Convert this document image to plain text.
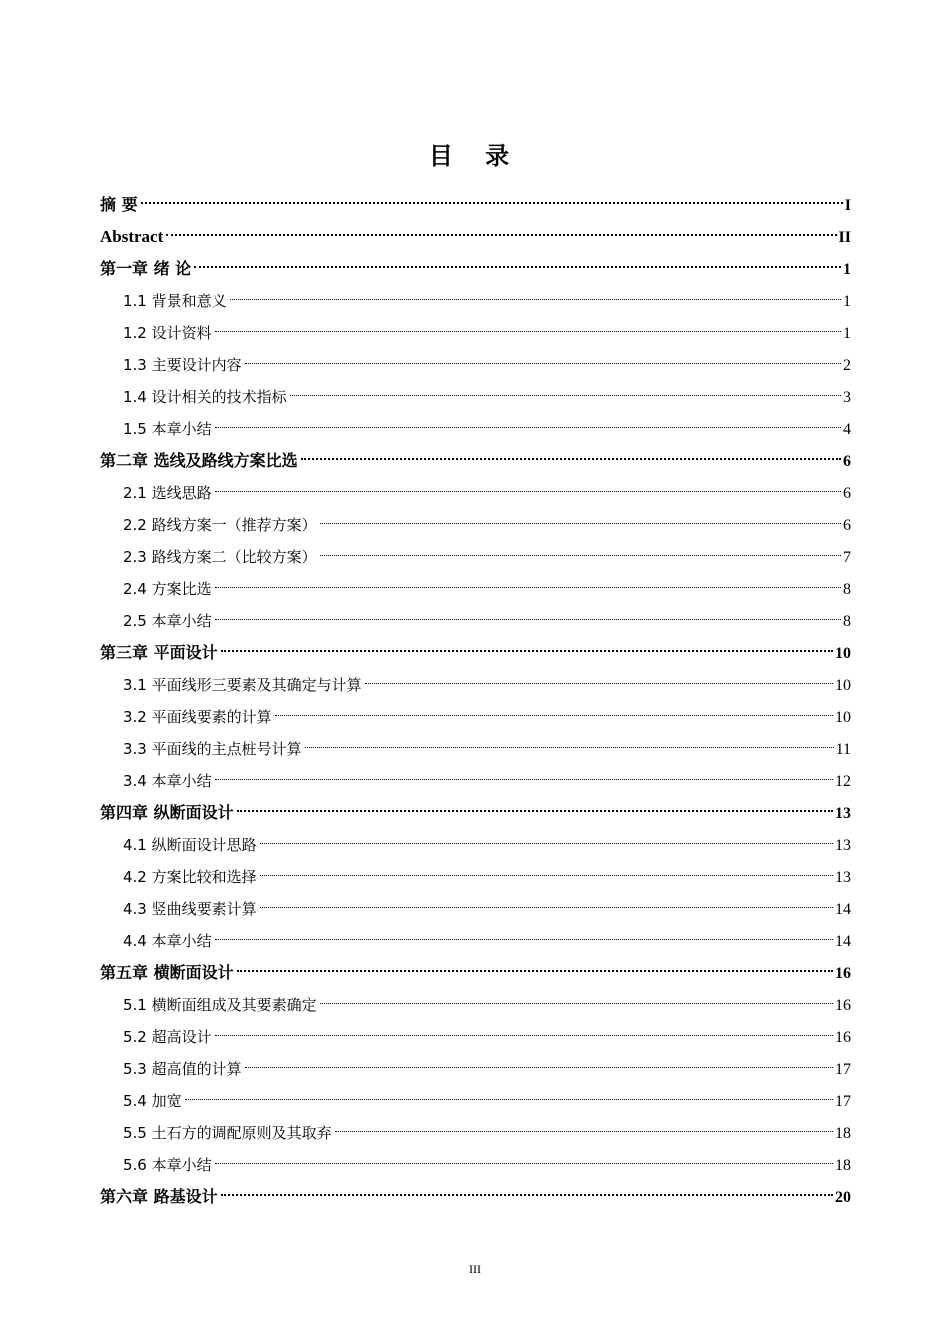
目 录
摘 要	I
Abstract	II
第一章 绪 论	1
1.1 背景和意义	1
1.2 设计资料	1
1.3 主要设计内容	2
1.4 设计相关的技术指标	3
1.5 本章小结	4
第二章 选线及路线方案比选	6
2.1 选线思路	6
2.2 路线方案一（推荐方案）	6
2.3 路线方案二（比较方案）	7
2.4 方案比选	8
2.5 本章小结	8
第三章 平面设计	10
3.1 平面线形三要素及其确定与计算	10
3.2 平面线要素的计算	10
3.3 平面线的主点桩号计算	11
3.4 本章小结	12
第四章 纵断面设计	13
4.1 纵断面设计思路	13
4.2 方案比较和选择	13
4.3 竖曲线要素计算	14
4.4 本章小结	14
第五章 横断面设计	16
5.1 横断面组成及其要素确定	16
5.2 超高设计	16
5.3 超高值的计算	17
5.4 加宽	17
5.5 土石方的调配原则及其取弃	18
5.6 本章小结	18
第六章 路基设计	20
III
